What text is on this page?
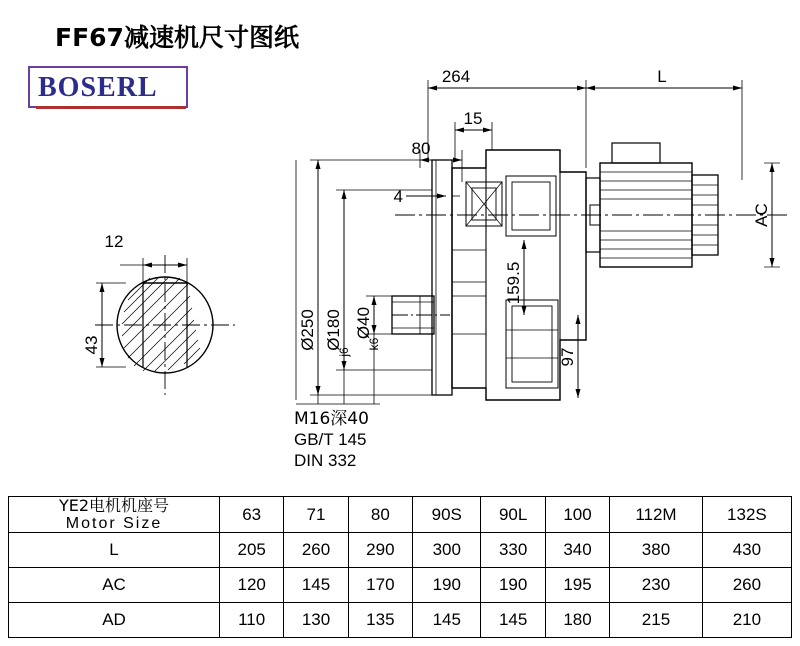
FF67减速机尺寸图纸
BOSERL	264	L
15
80
4
12
43	Ø250 Ø180
j6
Ø40
k6
159.5
97
AC
M16深40
GB/T 145
DIN 332
YE2电机机座号
Motor Size	63	71	80	90S	90L	100	112M	132S
L	205	260	290	300	330	340	380	430
AC	120	145	170	190	190	195	230	260
AD	110	130	135	145	145	180	215	210
